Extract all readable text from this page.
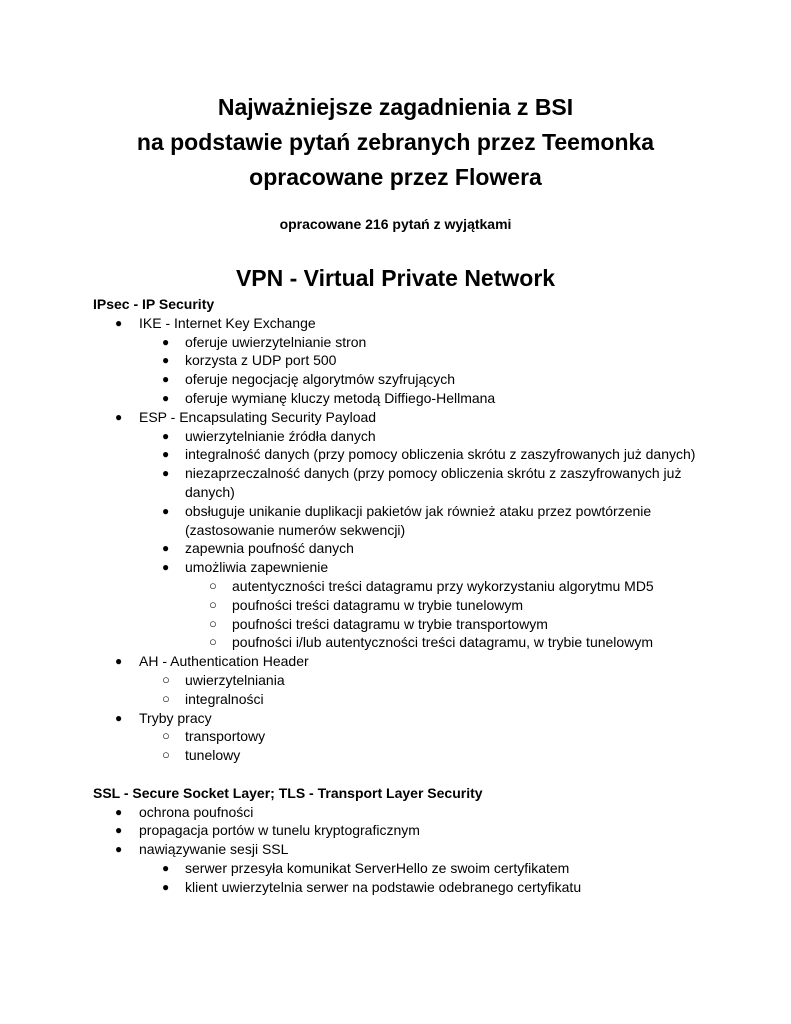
Najważniejsze zagadnienia z BSI
na podstawie pytań zebranych przez Teemonka
opracowane przez Flowera

opracowane 216 pytań z wyjątkami

VPN - Virtual Private Network

IPsec - IP Security

● IKE - Internet Key Exchange
● oferuje uwierzytelnianie stron
● korzysta z UDP port 500
● oferuje negocjację algorytmów szyfrujących
● oferuje wymianę kluczy metodą Diffiego-Hellmana
● ESP - Encapsulating Security Payload
● uwierzytelnianie źródła danych
● integralność danych (przy pomocy obliczenia skrótu z zaszyfrowanych już danych)
● niezaprzeczalność danych (przy pomocy obliczenia skrótu z zaszyfrowanych już danych)
● obsługuje unikanie duplikacji pakietów jak również ataku przez powtórzenie (zastosowanie numerów sekwencji)
● zapewnia poufność danych
● umożliwia zapewnienie
○ autentyczności treści datagramu przy wykorzystaniu algorytmu MD5
○ poufności treści datagramu w trybie tunelowym
○ poufności treści datagramu w trybie transportowym
○ poufności i/lub autentyczności treści datagramu, w trybie tunelowym
● AH - Authentication Header
○ uwierzytelniania
○ integralności
● Tryby pracy
○ transportowy
○ tunelowy

SSL - Secure Socket Layer; TLS - Transport Layer Security

● ochrona poufności
● propagacja portów w tunelu kryptograficznym
● nawiązywanie sesji SSL
● serwer przesyła komunikat ServerHello ze swoim certyfikatem
● klient uwierzytelnia serwer na podstawie odebranego certyfikatu
